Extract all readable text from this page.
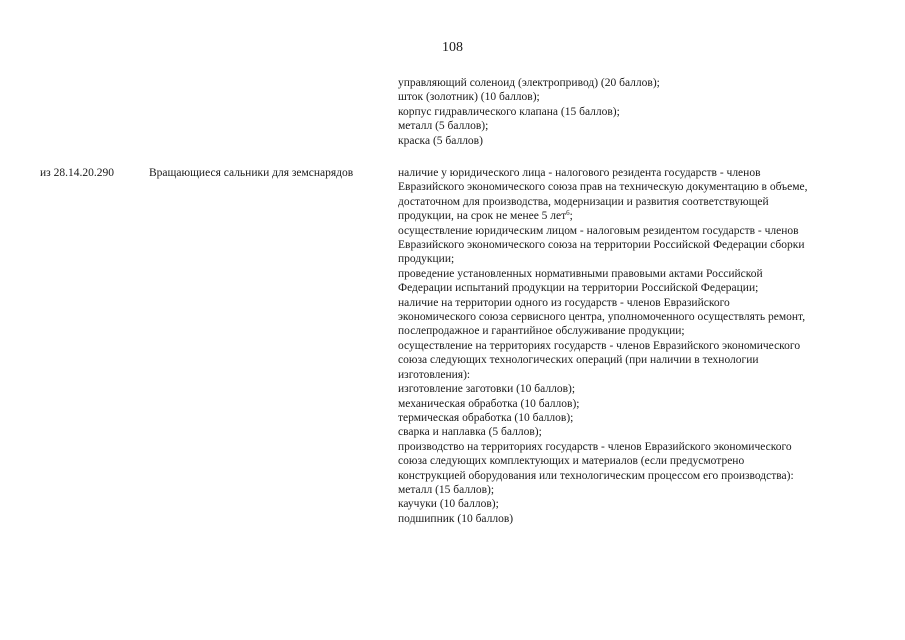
108
управляющий соленоид (электропривод) (20 баллов);
шток (золотник) (10 баллов);
корпус гидравлического клапана (15 баллов);
металл (5 баллов);
краска (5 баллов)
из 28.14.20.290	Вращающиеся сальники для земснарядов	наличие у юридического лица - налогового резидента государств - членов
Евразийского экономического союза прав на техническую документацию в объеме,
достаточном для производства, модернизации и развития соответствующей
продукции, на срок не менее 5 лет$^6$;
осуществление юридическим лицом - налоговым резидентом государств - членов
Евразийского экономического союза на территории Российской Федерации сборки
продукции;
проведение установленных нормативными правовыми актами Российской
Федерации испытаний продукции на территории Российской Федерации;
наличие на территории одного из государств - членов Евразийского
экономического союза сервисного центра, уполномоченного осуществлять ремонт,
послепродажное и гарантийное обслуживание продукции;
осуществление на территориях государств - членов Евразийского экономического
союза следующих технологических операций (при наличии в технологии
изготовления):
изготовление заготовки (10 баллов);
механическая обработка (10 баллов);
термическая обработка (10 баллов);
сварка и наплавка (5 баллов);
производство на территориях государств - членов Евразийского экономического
союза следующих комплектующих и материалов (если предусмотрено
конструкцией оборудования или технологическим процессом его производства):
металл (15 баллов);
каучуки (10 баллов);
подшипник (10 баллов)
